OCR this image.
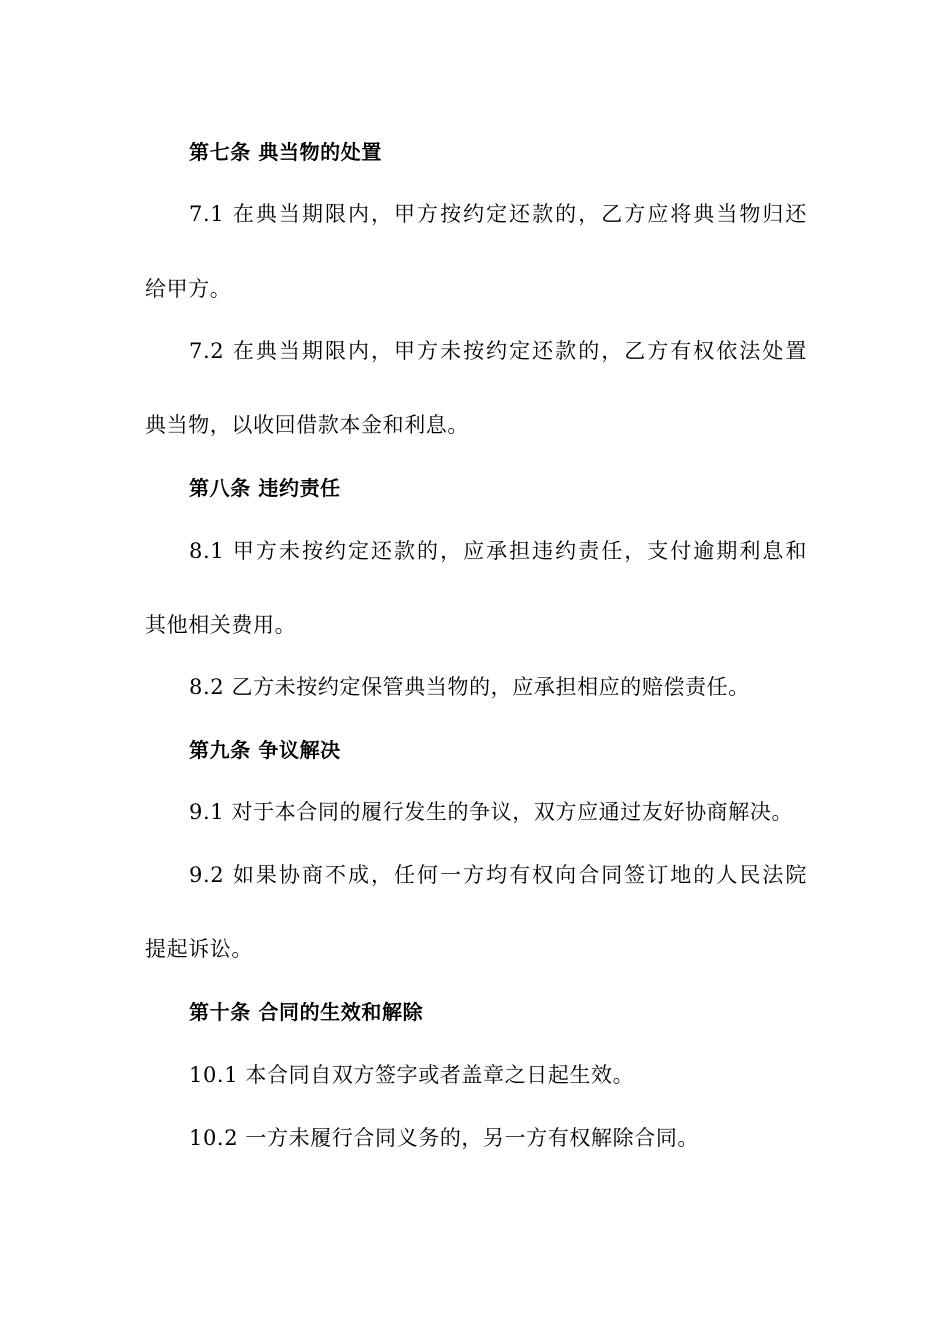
第七条 典当物的处置
7.1 在典当期限内，甲方按约定还款的，乙方应将典当物归还
给甲方。
7.2 在典当期限内，甲方未按约定还款的，乙方有权依法处置
典当物，以收回借款本金和利息。
第八条 违约责任
8.1 甲方未按约定还款的，应承担违约责任，支付逾期利息和
其他相关费用。
8.2 乙方未按约定保管典当物的，应承担相应的赔偿责任。
第九条 争议解决
9.1 对于本合同的履行发生的争议，双方应通过友好协商解决。
9.2 如果协商不成，任何一方均有权向合同签订地的人民法院
提起诉讼。
第十条 合同的生效和解除
10.1 本合同自双方签字或者盖章之日起生效。
10.2 一方未履行合同义务的，另一方有权解除合同。
